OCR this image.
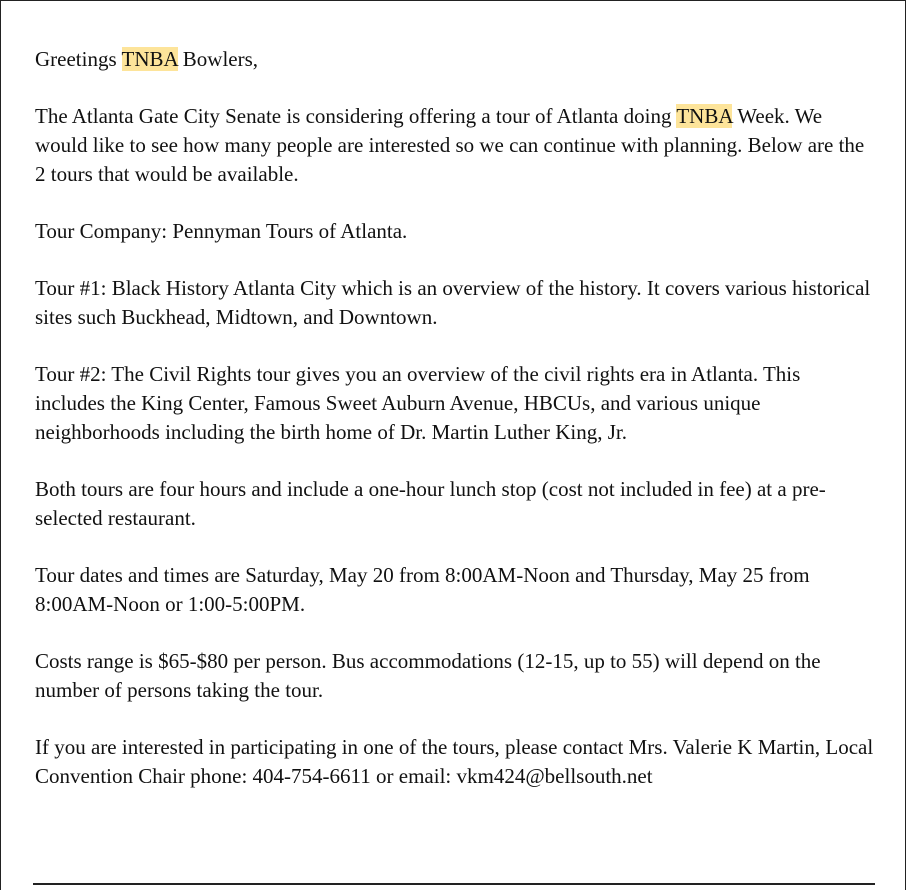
Greetings TNBA Bowlers,

The Atlanta Gate City Senate is considering offering a tour of Atlanta doing TNBA Week. We would like to see how many people are interested so we can continue with planning. Below are the 2 tours that would be available.

Tour Company: Pennyman Tours of Atlanta.

Tour #1: Black History Atlanta City which is an overview of the history. It covers various historical sites such Buckhead, Midtown, and Downtown.

Tour #2: The Civil Rights tour gives you an overview of the civil rights era in Atlanta. This includes the King Center, Famous Sweet Auburn Avenue, HBCUs, and various unique neighborhoods including the birth home of Dr. Martin Luther King, Jr.

Both tours are four hours and include a one-hour lunch stop (cost not included in fee) at a pre-selected restaurant.

Tour dates and times are Saturday, May 20 from 8:00AM-Noon and Thursday, May 25 from 8:00AM-Noon or 1:00-5:00PM.

Costs range is $65-$80 per person. Bus accommodations (12-15, up to 55) will depend on the number of persons taking the tour.

If you are interested in participating in one of the tours, please contact Mrs. Valerie K Martin, Local Convention Chair phone: 404-754-6611 or email: vkm424@bellsouth.net
